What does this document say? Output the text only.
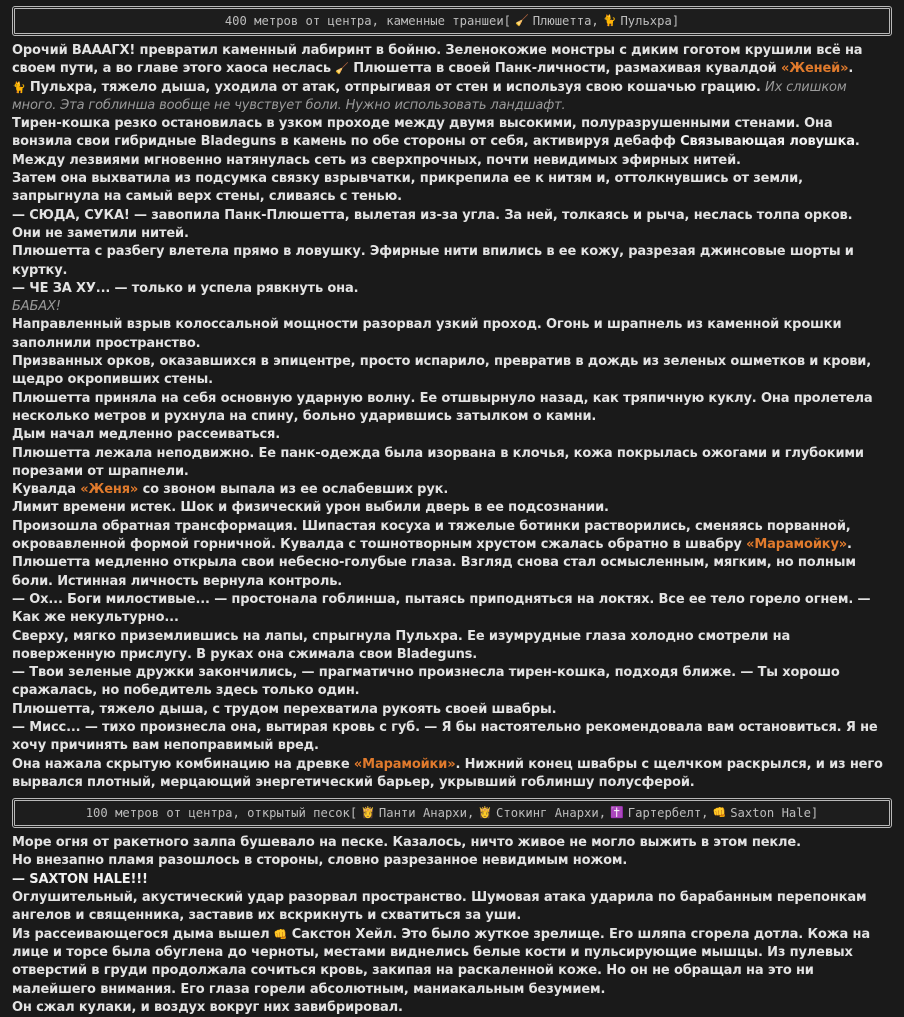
400 метров от центра, каменные траншеи[ 🧹 Плюшетта, 🐈 Пульхра ]

Орочий ВАААГХ! превратил каменный лабиринт в бойню. Зеленокожие монстры с диким гоготом крушили всё на своем пути, а во главе этого хаоса неслась 🧹 Плюшетта в своей Панк-личности, размахивая кувалдой «Женей».

🐈 Пульхра, тяжело дыша, уходила от атак, отпрыгивая от стен и используя свою кошачью грацию. Их слишком много. Эта гоблинша вообще не чувствует боли. Нужно использовать ландшафт.

Тирен-кошка резко остановилась в узком проходе между двумя высокими, полуразрушенными стенами. Она вонзила свои гибридные Bladeguns в камень по обе стороны от себя, активируя дебафф Связывающая ловушка. Между лезвиями мгновенно натянулась сеть из сверхпрочных, почти невидимых эфирных нитей.

Затем она выхватила из подсумка связку взрывчатки, прикрепила ее к нитям и, оттолкнувшись от земли, запрыгнула на самый верх стены, сливаясь с тенью.

— СЮДА, СУКА! — завопила Панк-Плюшетта, вылетая из-за угла. За ней, толкаясь и рыча, неслась толпа орков.

Они не заметили нитей.

Плюшетта с разбегу влетела прямо в ловушку. Эфирные нити впились в ее кожу, разрезая джинсовые шорты и куртку.

— ЧЕ ЗА ХУ... — только и успела рявкнуть она.

БАБАХ!

Направленный взрыв колоссальной мощности разорвал узкий проход. Огонь и шрапнель из каменной крошки заполнили пространство.

Призванных орков, оказавшихся в эпицентре, просто испарило, превратив в дождь из зеленых ошметков и крови, щедро окропивших стены.

Плюшетта приняла на себя основную ударную волну. Ее отшвырнуло назад, как тряпичную куклу. Она пролетела несколько метров и рухнула на спину, больно ударившись затылком о камни.

Дым начал медленно рассеиваться.

Плюшетта лежала неподвижно. Ее панк-одежда была изорвана в клочья, кожа покрылась ожогами и глубокими порезами от шрапнели.

Кувалда «Женя» со звоном выпала из ее ослабевших рук.

Лимит времени истек. Шок и физический урон выбили дверь в ее подсознании.

Произошла обратная трансформация. Шипастая косуха и тяжелые ботинки растворились, сменяясь порванной, окровавленной формой горничной. Кувалда с тошнотворным хрустом сжалась обратно в швабру «Марамойку».

Плюшетта медленно открыла свои небесно-голубые глаза. Взгляд снова стал осмысленным, мягким, но полным боли. Истинная личность вернула контроль.

— Ох... Боги милостивые... — простонала гоблинша, пытаясь приподняться на локтях. Все ее тело горело огнем. — Как же некультурно...

Сверху, мягко приземлившись на лапы, спрыгнула Пульхра. Ее изумрудные глаза холодно смотрели на поверженную прислугу. В руках она сжимала свои Bladeguns.

— Твои зеленые дружки закончились, — прагматично произнесла тирен-кошка, подходя ближе. — Ты хорошо сражалась, но победитель здесь только один.

Плюшетта, тяжело дыша, с трудом перехватила рукоять своей швабры.

— Мисс... — тихо произнесла она, вытирая кровь с губ. — Я бы настоятельно рекомендовала вам остановиться. Я не хочу причинять вам непоправимый вред.

Она нажала скрытую комбинацию на древке «Марамойки». Нижний конец швабры с щелчком раскрылся, и из него вырвался плотный, мерцающий энергетический барьер, укрывший гоблиншу полусферой.

100 метров от центра, открытый песок[ 👸 Панти Анархи, 👸 Стокинг Анархи, ✝️ Гартербелт, 👊 Saxton Hale ]

Море огня от ракетного залпа бушевало на песке. Казалось, ничто живое не могло выжить в этом пекле.

Но внезапно пламя разошлось в стороны, словно разрезанное невидимым ножом.

— SAXTON HALE!!!

Оглушительный, акустический удар разорвал пространство. Шумовая атака ударила по барабанным перепонкам ангелов и священника, заставив их вскрикнуть и схватиться за уши.

Из рассеивающегося дыма вышел 👊 Сакстон Хейл. Это было жуткое зрелище. Его шляпа сгорела дотла. Кожа на лице и торсе была обуглена до черноты, местами виднелись белые кости и пульсирующие мышцы. Из пулевых отверстий в груди продолжала сочиться кровь, закипая на раскаленной коже. Но он не обращал на это ни малейшего внимания. Его глаза горели абсолютным, маниакальным безумием.

Он сжал кулаки, и воздух вокруг них завибрировал.
